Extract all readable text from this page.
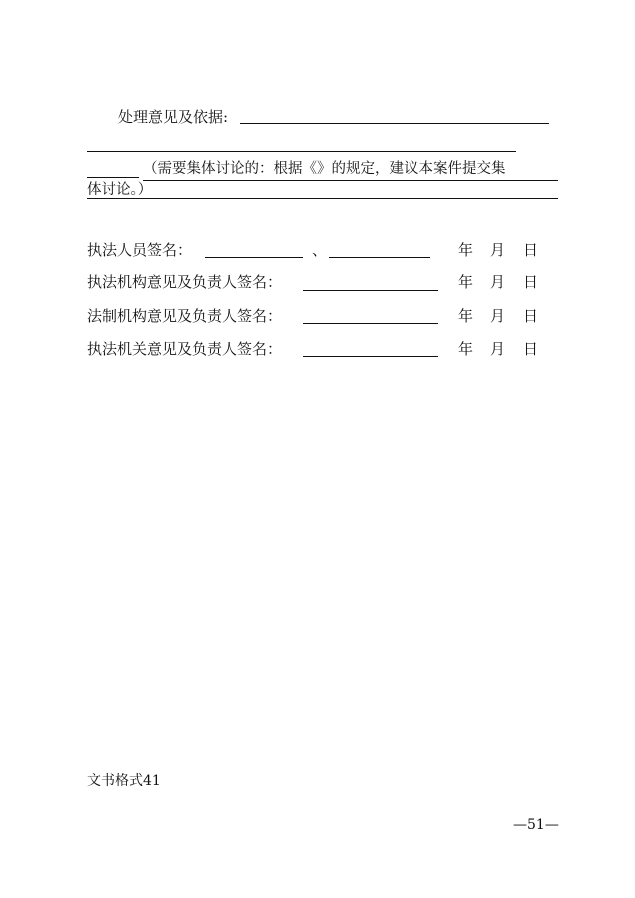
处理意见及依据:
（需要集体讨论的：根据《》的规定，建议本案件提交集
体讨论。）
执法人员签名：	、	年 月 日
执法机构意见及负责人签名：	年 月 日
法制机构意见及负责人签名：	年 月 日
执法机关意见及负责人签名：	年 月 日
文书格式41
—51—
